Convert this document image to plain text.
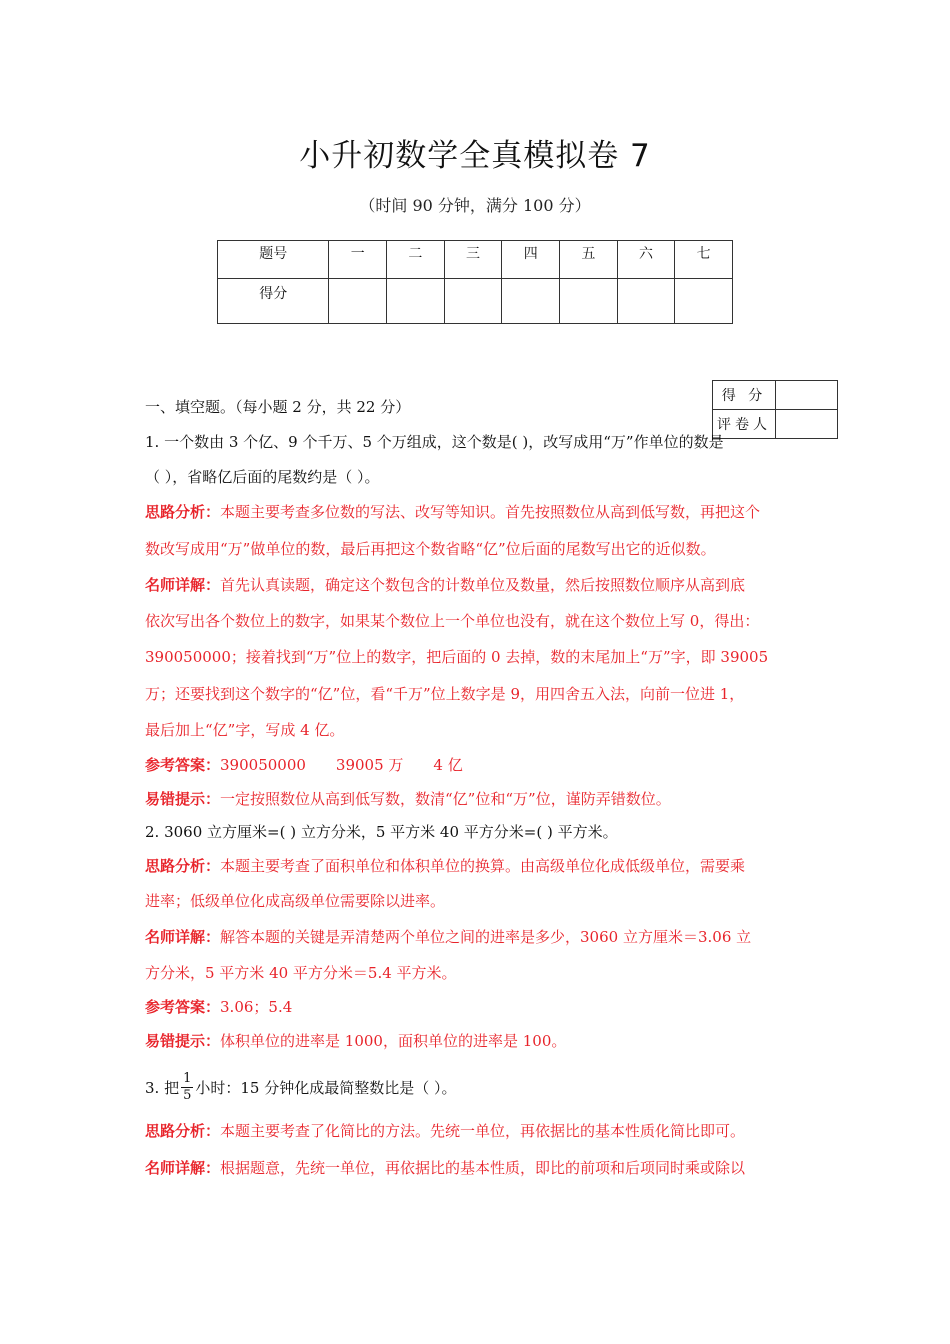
小升初数学全真模拟卷 7
（时间 90 分钟，满分 100 分）
题号	一	二	三	四	五	六	七
得分							
得 分	
评卷人	
一、填空题。（每小题 2 分，共 22 分）
1. 一个数由 3 个亿、9 个千万、5 个万组成，这个数是( )，改写成用“万”作单位的数是
（ ），省略亿后面的尾数约是（ ）。
思路分析：本题主要考查多位数的写法、改写等知识。首先按照数位从高到低写数，再把这个
数改写成用“万”做单位的数，最后再把这个数省略“亿”位后面的尾数写出它的近似数。
名师详解：首先认真读题，确定这个数包含的计数单位及数量，然后按照数位顺序从高到底
依次写出各个数位上的数字，如果某个数位上一个单位也没有，就在这个数位上写 0，得出：
390050000；接着找到“万”位上的数字，把后面的 0 去掉，数的末尾加上“万”字，即 39005
万；还要找到这个数字的“亿”位，看“千万”位上数字是 9，用四舍五入法，向前一位进 1，
最后加上“亿”字，写成 4 亿。
参考答案：390050000 39005 万 4 亿
易错提示：一定按照数位从高到低写数，数清“亿”位和“万”位，谨防弄错数位。
2. 3060 立方厘米=( ) 立方分米，5 平方米 40 平方分米=( ) 平方米。
思路分析：本题主要考查了面积单位和体积单位的换算。由高级单位化成低级单位，需要乘
进率；低级单位化成高级单位需要除以进率。
名师详解：解答本题的关键是弄清楚两个单位之间的进率是多少，3060 立方厘米＝3.06 立
方分米，5 平方米 40 平方分米＝5.4 平方米。
参考答案：3.06；5.4
易错提示：体积单位的进率是 1000，面积单位的进率是 100。
3. 把 $\frac{1}{5}$ 小时：15 分钟化成最简整数比是（ ）。
思路分析：本题主要考查了化简比的方法。先统一单位，再依据比的基本性质化简比即可。
名师详解：根据题意，先统一单位，再依据比的基本性质，即比的前项和后项同时乘或除以
